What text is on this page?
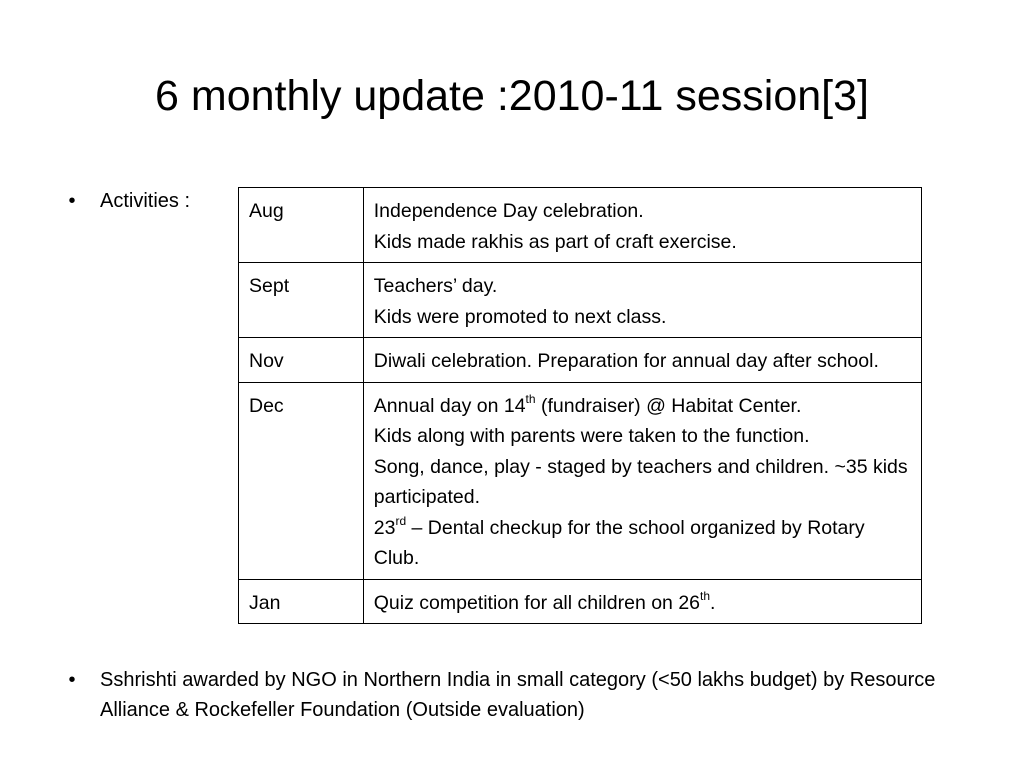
6 monthly update :2010-11 session[3]
•	Activities :	Aug	Independence Day celebration.
Kids made rakhis as part of craft exercise.

Sept	Teachers’ day.
Kids were promoted to next class.

Nov	Diwali celebration. Preparation for annual day after school.

Dec	Annual day on 14th (fundraiser) @ Habitat Center.
Kids along with parents were taken to the function.
Song, dance, play - staged by teachers and children. ~35 kids participated.
23rd – Dental checkup for the school organized by Rotary Club.

Jan	Quiz competition for all children on 26th.
•	Sshrishti awarded by NGO in Northern India in small category (<50 lakhs budget) by Resource Alliance & Rockefeller Foundation (Outside evaluation)
